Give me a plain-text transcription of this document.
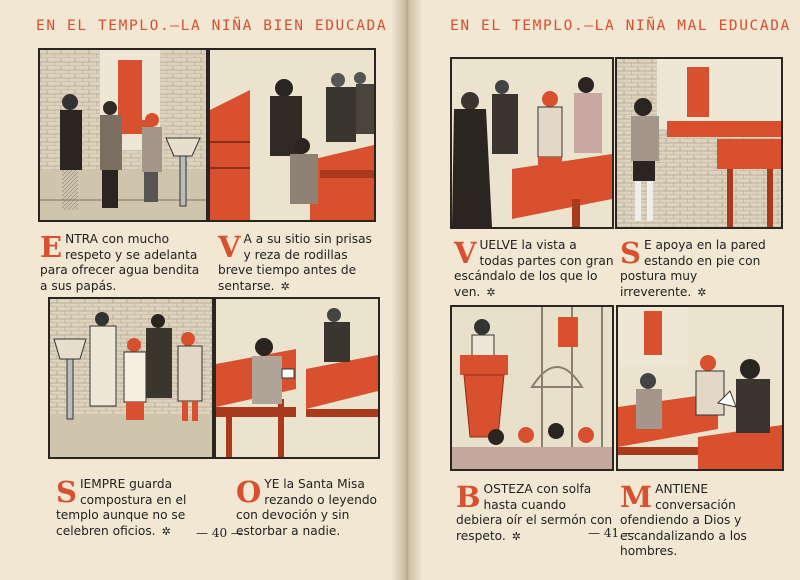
EN EL TEMPLO.—LA NIÑA BIEN EDUCADA
ENTRA con mucho respeto y se adelanta para ofrecer agua bendita a sus papás.
V A a su sitio sin prisas y reza de rodillas breve tiempo antes de sentarse. ✲
SIEMPRE guarda compostura en el templo aunque no se celebren oficios. ✲
OYE la Santa Misa rezando o leyendo con devoción y sin estorbar a nadie.
— 40 —
EN EL TEMPLO.—LA NIÑA MAL EDUCADA
VUELVE la vista a todas partes con gran escándalo de los que lo ven. ✲
S E apoya en la pared estando en pie con postura muy irreverente. ✲
BOSTEZA con solfa hasta cuando debiera oír el sermón con respeto. ✲
MANTIENE conversación ofendiendo a Dios y escandalizando a los hombres.
— 41 —
